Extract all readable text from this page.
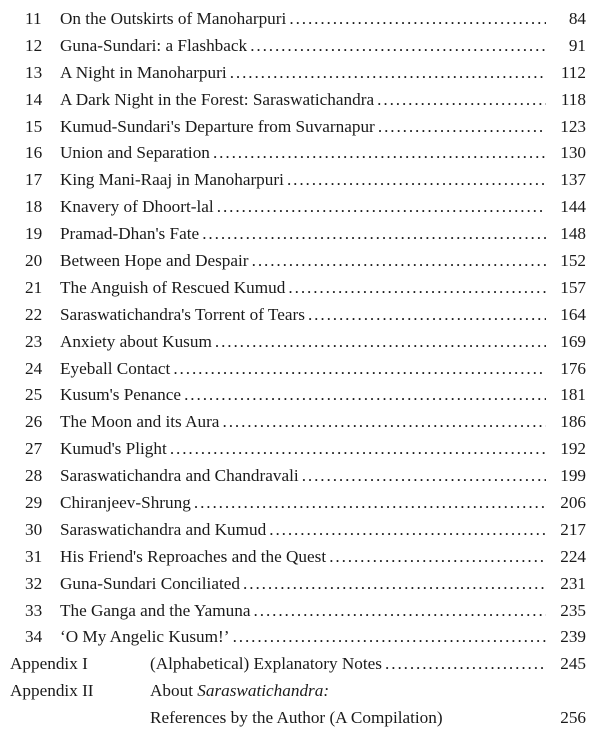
11	On the Outskirts of Manoharpuri . . .	84
12	Guna-Sundari: a Flashback . . .	91
13	A Night in Manoharpuri . . .	112
14	A Dark Night in the Forest: Saraswatichandra . . .	118
15	Kumud-Sundari's Departure from Suvarnapur . . .	123
16	Union and Separation . . .	130
17	King Mani-Raaj in Manoharpuri . . .	137
18	Knavery of Dhoort-lal . . .	144
19	Pramad-Dhan's Fate . . .	148
20	Between Hope and Despair . . .	152
21	The Anguish of Rescued Kumud . . .	157
22	Saraswatichandra's Torrent of Tears . . .	164
23	Anxiety about Kusum . . .	169
24	Eyeball Contact . . .	176
25	Kusum's Penance . . .	181
26	The Moon and its Aura . . .	186
27	Kumud's Plight . . .	192
28	Saraswatichandra and Chandravali . . .	199
29	Chiranjeev-Shrung . . .	206
30	Saraswatichandra and Kumud . . .	217
31	His Friend's Reproaches and the Quest . . .	224
32	Guna-Sundari Conciliated . . .	231
33	The Ganga and the Yamuna . . .	235
34	‘O My Angelic Kusum!’ . . .	239
Appendix I	(Alphabetical) Explanatory Notes . . .	245
Appendix II	About Saraswatichandra:
References by the Author (A Compilation)	256
